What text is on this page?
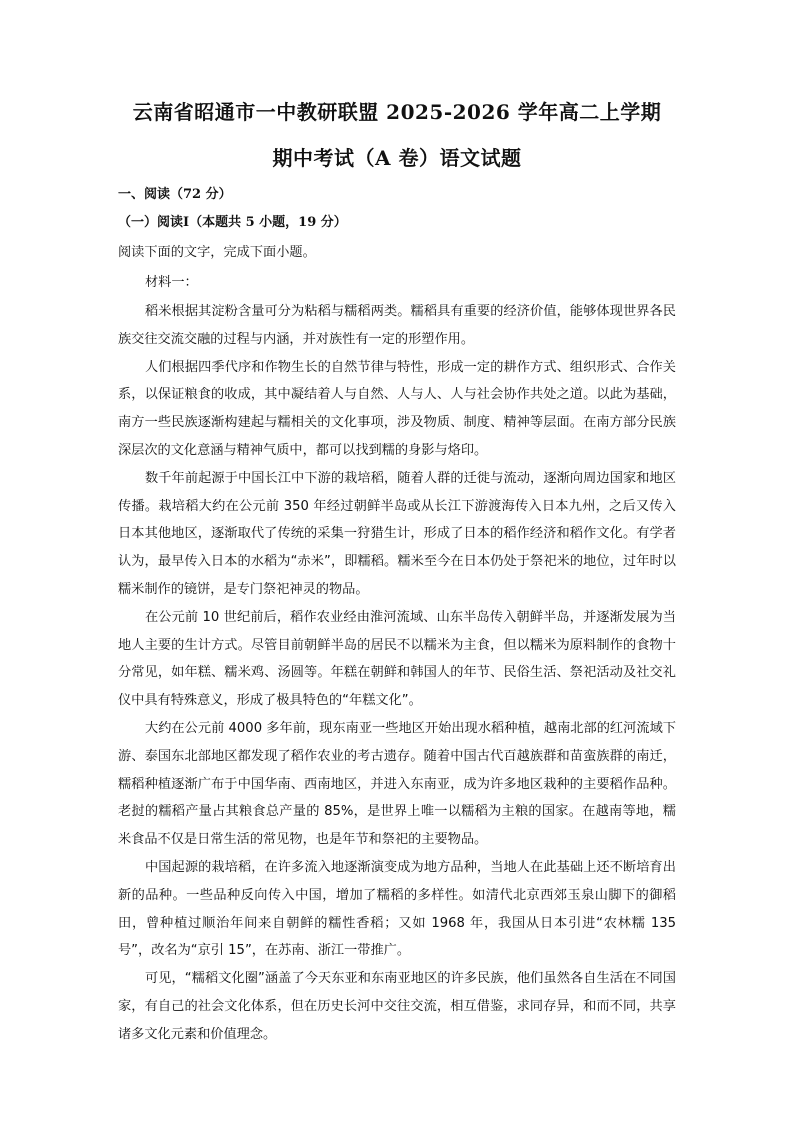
云南省昭通市一中教研联盟 2025-2026 学年高二上学期
期中考试（A 卷）语文试题

一、阅读（72 分）

（一）阅读Ⅰ（本题共 5 小题，19 分）

阅读下面的文字，完成下面小题。

材料一：

稻米根据其淀粉含量可分为粘稻与糯稻两类。糯稻具有重要的经济价值，能够体现世界各民族交往交流交融的过程与内涵，并对族性有一定的形塑作用。

人们根据四季代序和作物生长的自然节律与特性，形成一定的耕作方式、组织形式、合作关系，以保证粮食的收成，其中凝结着人与自然、人与人、人与社会协作共处之道。以此为基础，南方一些民族逐渐构建起与糯相关的文化事项，涉及物质、制度、精神等层面。在南方部分民族深层次的文化意涵与精神气质中，都可以找到糯的身影与烙印。

数千年前起源于中国长江中下游的栽培稻，随着人群的迁徙与流动，逐渐向周边国家和地区传播。栽培稻大约在公元前 350 年经过朝鲜半岛或从长江下游渡海传入日本九州，之后又传入日本其他地区，逐渐取代了传统的采集一狩猎生计，形成了日本的稻作经济和稻作文化。有学者认为，最早传入日本的水稻为“赤米”，即糯稻。糯米至今在日本仍处于祭祀米的地位，过年时以糯米制作的镜饼，是专门祭祀神灵的物品。

在公元前 10 世纪前后，稻作农业经由淮河流域、山东半岛传入朝鲜半岛，并逐渐发展为当地人主要的生计方式。尽管目前朝鲜半岛的居民不以糯米为主食，但以糯米为原料制作的食物十分常见，如年糕、糯米鸡、汤圆等。年糕在朝鲜和韩国人的年节、民俗生活、祭祀活动及社交礼仪中具有特殊意义，形成了极具特色的“年糕文化”。

大约在公元前 4000 多年前，现东南亚一些地区开始出现水稻种植，越南北部的红河流域下游、泰国东北部地区都发现了稻作农业的考古遗存。随着中国古代百越族群和苗蛮族群的南迁，糯稻种植逐渐广布于中国华南、西南地区，并进入东南亚，成为许多地区栽种的主要稻作品种。老挝的糯稻产量占其粮食总产量的 85%，是世界上唯一以糯稻为主粮的国家。在越南等地，糯米食品不仅是日常生活的常见物，也是年节和祭祀的主要物品。

中国起源的栽培稻，在许多流入地逐渐演变成为地方品种，当地人在此基础上还不断培育出新的品种。一些品种反向传入中国，增加了糯稻的多样性。如清代北京西郊玉泉山脚下的御稻田，曾种植过顺治年间来自朝鲜的糯性香稻；又如 1968 年，我国从日本引进“农林糯 135 号”，改名为“京引 15”，在苏南、浙江一带推广。

可见，“糯稻文化圈”涵盖了今天东亚和东南亚地区的许多民族，他们虽然各自生活在不同国家，有自己的社会文化体系，但在历史长河中交往交流，相互借鉴，求同存异，和而不同，共享诸多文化元素和价值理念。
